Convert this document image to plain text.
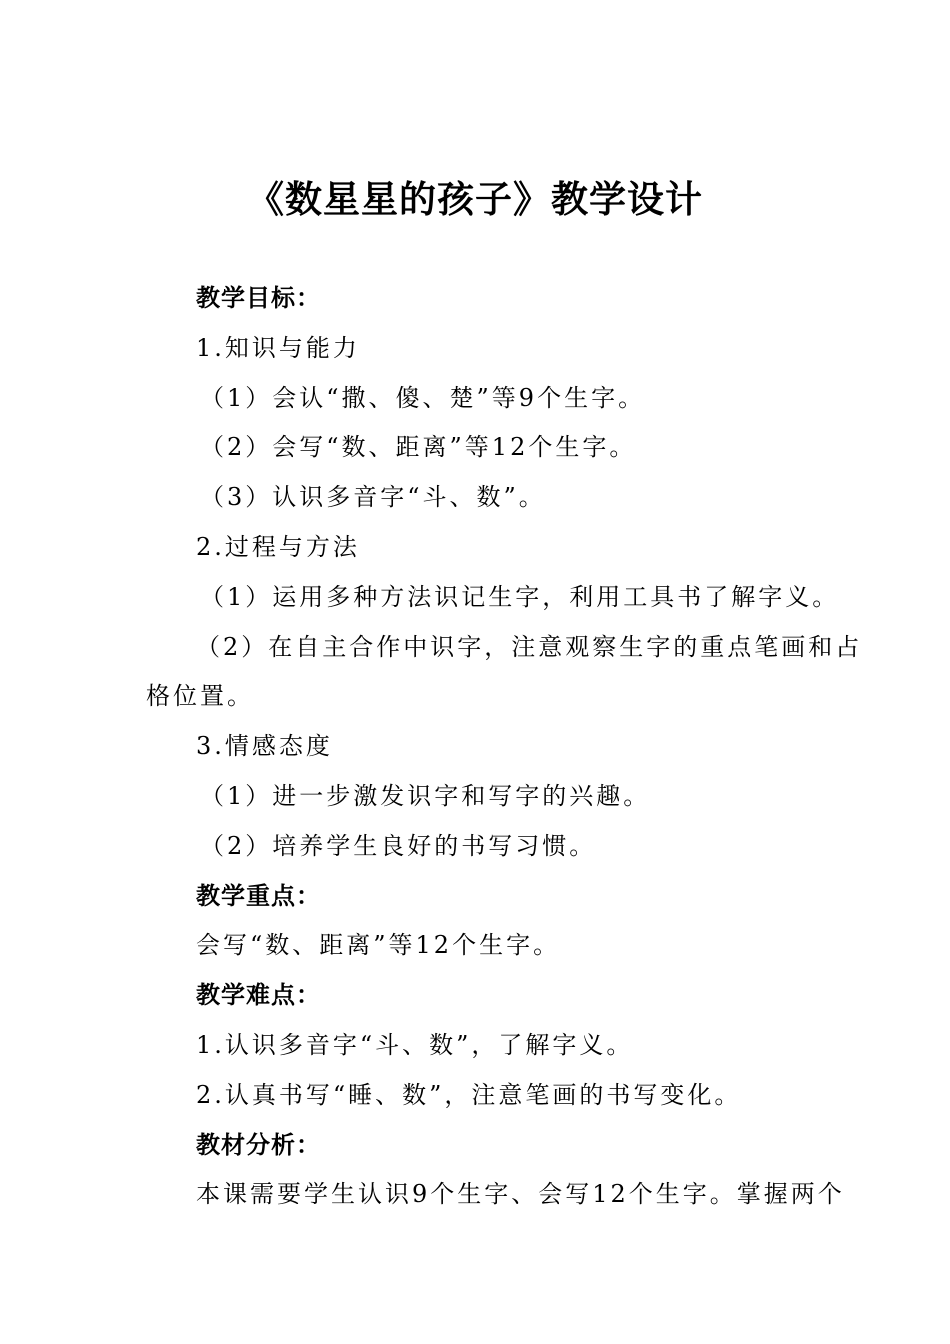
《数星星的孩子》教学设计
教学目标：
1.知识与能力
（1）会认“撒、傻、楚”等9个生字。
（2）会写“数、距离”等12个生字。
（3）认识多音字“斗、数”。
2.过程与方法
（1）运用多种方法识记生字，利用工具书了解字义。
（2）在自主合作中识字，注意观察生字的重点笔画和占
格位置。
3.情感态度
（1）进一步激发识字和写字的兴趣。
（2）培养学生良好的书写习惯。
教学重点：
会写“数、距离”等12个生字。
教学难点：
1.认识多音字“斗、数”，了解字义。
2.认真书写“睡、数”，注意笔画的书写变化。
教材分析：
本课需要学生认识9个生字、会写12个生字。掌握两个
